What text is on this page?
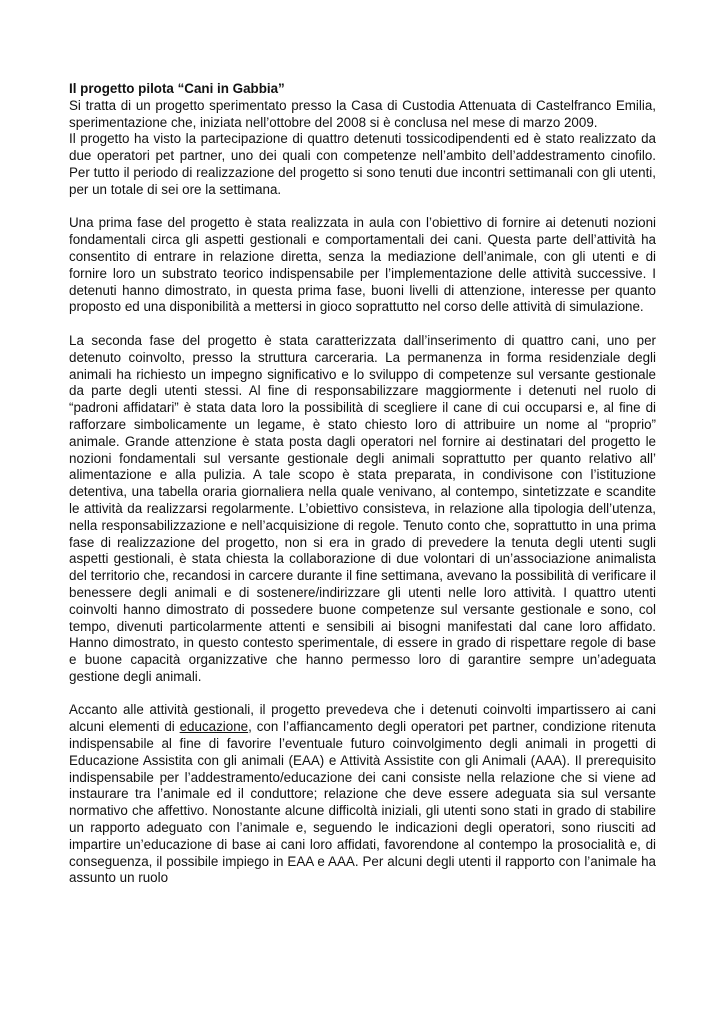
Il progetto pilota “Cani in Gabbia”

Si tratta di un progetto sperimentato presso la Casa di Custodia Attenuata di Castelfranco Emilia, sperimentazione che, iniziata nell’ottobre del 2008 si è conclusa nel mese di marzo 2009.

Il progetto ha visto la partecipazione di quattro detenuti tossicodipendenti ed è stato realizzato da due operatori pet partner, uno dei quali con competenze nell’ambito dell’addestramento cinofilo. Per tutto il periodo di realizzazione del progetto si sono tenuti due incontri settimanali con gli utenti, per un totale di sei ore la settimana.

Una prima fase del progetto è stata realizzata in aula con l’obiettivo di fornire ai detenuti nozioni fondamentali circa gli aspetti gestionali e comportamentali dei cani. Questa parte dell’attività ha consentito di entrare in relazione diretta, senza la mediazione dell’animale, con gli utenti e di fornire loro un substrato teorico indispensabile per l’implementazione delle attività successive. I detenuti hanno dimostrato, in questa prima fase, buoni livelli di attenzione, interesse per quanto proposto ed una disponibilità a mettersi in gioco soprattutto nel corso delle attività di simulazione.

La seconda fase del progetto è stata caratterizzata dall’inserimento di quattro cani, uno per detenuto coinvolto, presso la struttura carceraria. La permanenza in forma residenziale degli animali ha richiesto un impegno significativo e lo sviluppo di competenze sul versante gestionale da parte degli utenti stessi. Al fine di responsabilizzare maggiormente i detenuti nel ruolo di “padroni affidatari” è stata data loro la possibilità di scegliere il cane di cui occuparsi e, al fine di rafforzare simbolicamente un legame, è stato chiesto loro di attribuire un nome al “proprio” animale. Grande attenzione è stata posta dagli operatori nel fornire ai destinatari del progetto le nozioni fondamentali sul versante gestionale degli animali soprattutto per quanto relativo all’ alimentazione e alla pulizia. A tale scopo è stata preparata, in condivisone con l’istituzione detentiva, una tabella oraria giornaliera nella quale venivano, al contempo, sintetizzate e scandite le attività da realizzarsi regolarmente. L’obiettivo consisteva, in relazione alla tipologia dell’utenza, nella responsabilizzazione e nell’acquisizione di regole. Tenuto conto che, soprattutto in una prima fase di realizzazione del progetto, non si era in grado di prevedere la tenuta degli utenti sugli aspetti gestionali, è stata chiesta la collaborazione di due volontari di un’associazione animalista del territorio che, recandosi in carcere durante il fine settimana, avevano la possibilità di verificare il benessere degli animali e di sostenere/indirizzare gli utenti nelle loro attività. I quattro utenti coinvolti hanno dimostrato di possedere buone competenze sul versante gestionale e sono, col tempo, divenuti particolarmente attenti e sensibili ai bisogni manifestati dal cane loro affidato. Hanno dimostrato, in questo contesto sperimentale, di essere in grado di rispettare regole di base e buone capacità organizzative che hanno permesso loro di garantire sempre un’adeguata gestione degli animali.

Accanto alle attività gestionali, il progetto prevedeva che i detenuti coinvolti impartissero ai cani alcuni elementi di educazione, con l’affiancamento degli operatori pet partner, condizione ritenuta indispensabile al fine di favorire l’eventuale futuro coinvolgimento degli animali in progetti di Educazione Assistita con gli animali (EAA) e Attività Assistite con gli Animali (AAA). Il prerequisito indispensabile per l’addestramento/educazione dei cani consiste nella relazione che si viene ad instaurare tra l’animale ed il conduttore; relazione che deve essere adeguata sia sul versante normativo che affettivo. Nonostante alcune difficoltà iniziali, gli utenti sono stati in grado di stabilire un rapporto adeguato con l’animale e, seguendo le indicazioni degli operatori, sono riusciti ad impartire un’educazione di base ai cani loro affidati, favorendone al contempo la prosocialità e, di conseguenza, il possibile impiego in EAA e AAA. Per alcuni degli utenti il rapporto con l’animale ha assunto un ruolo
